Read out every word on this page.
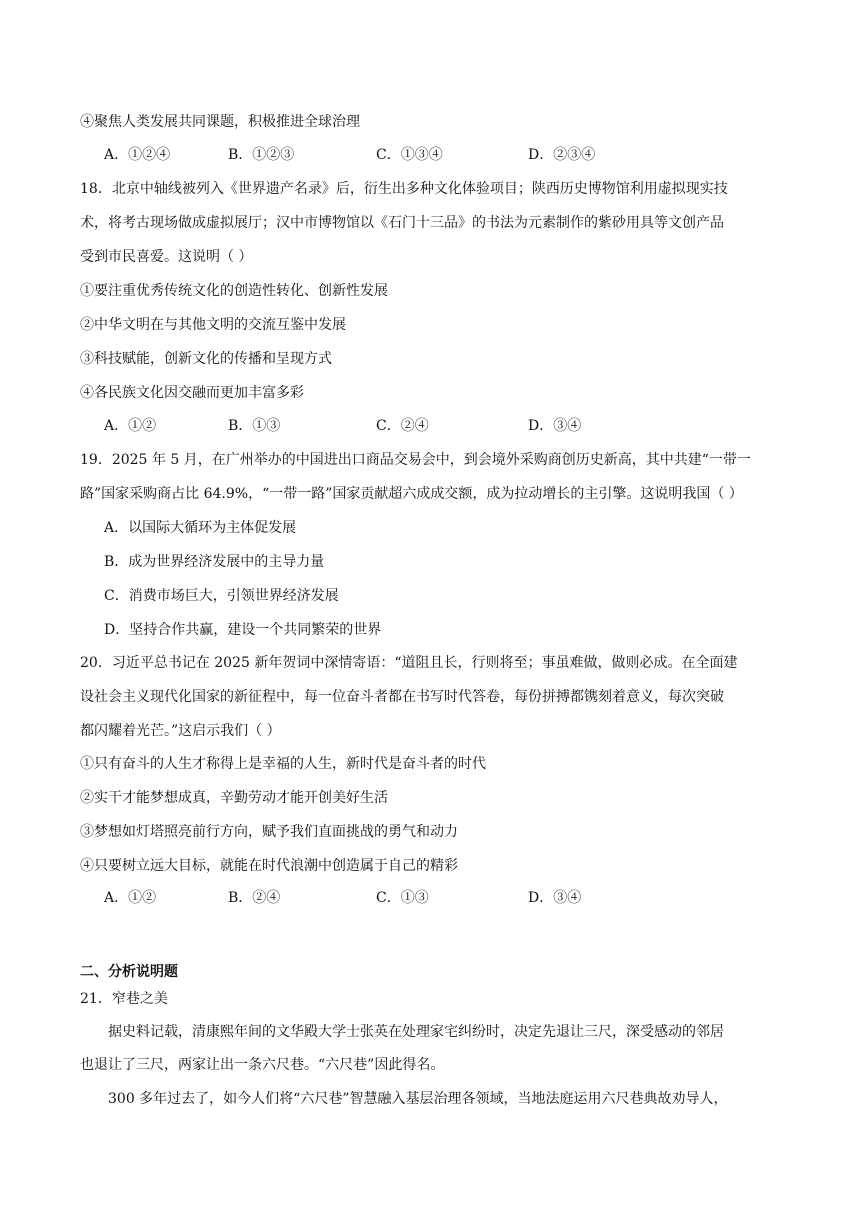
④聚焦人类发展共同课题，积极推进全球治理
A．①②④	B．①②③	C．①③④	D．②③④
18．北京中轴线被列入《世界遗产名录》后，衍生出多种文化体验项目；陕西历史博物馆利用虚拟现实技
术，将考古现场做成虚拟展厅；汉中市博物馆以《石门十三品》的书法为元素制作的紫砂用具等文创产品
受到市民喜爱。这说明（ ）
①要注重优秀传统文化的创造性转化、创新性发展
②中华文明在与其他文明的交流互鉴中发展
③科技赋能，创新文化的传播和呈现方式
④各民族文化因交融而更加丰富多彩
A．①②	B．①③	C．②④	D．③④
19．2025 年 5 月，在广州举办的中国进出口商品交易会中，到会境外采购商创历史新高，其中共建“一带一
路”国家采购商占比 64.9%，“一带一路”国家贡献超六成成交额，成为拉动增长的主引擎。这说明我国（ ）
A．以国际大循环为主体促发展
B．成为世界经济发展中的主导力量
C．消费市场巨大，引领世界经济发展
D．坚持合作共赢，建设一个共同繁荣的世界
20．习近平总书记在 2025 新年贺词中深情寄语：“道阻且长，行则将至；事虽难做，做则必成。在全面建
设社会主义现代化国家的新征程中，每一位奋斗者都在书写时代答卷，每份拼搏都镌刻着意义，每次突破
都闪耀着光芒。”这启示我们（ ）
①只有奋斗的人生才称得上是幸福的人生，新时代是奋斗者的时代
②实干才能梦想成真，辛勤劳动才能开创美好生活
③梦想如灯塔照亮前行方向，赋予我们直面挑战的勇气和动力
④只要树立远大目标，就能在时代浪潮中创造属于自己的精彩
A．①②	B．②④	C．①③	D．③④
二、分析说明题
21．窄巷之美
据史料记载，清康熙年间的文华殿大学士张英在处理家宅纠纷时，决定先退让三尺，深受感动的邻居
也退让了三尺，两家让出一条六尺巷。“六尺巷”因此得名。
300 多年过去了，如今人们将“六尺巷”智慧融入基层治理各领域，当地法庭运用六尺巷典故劝导人，
